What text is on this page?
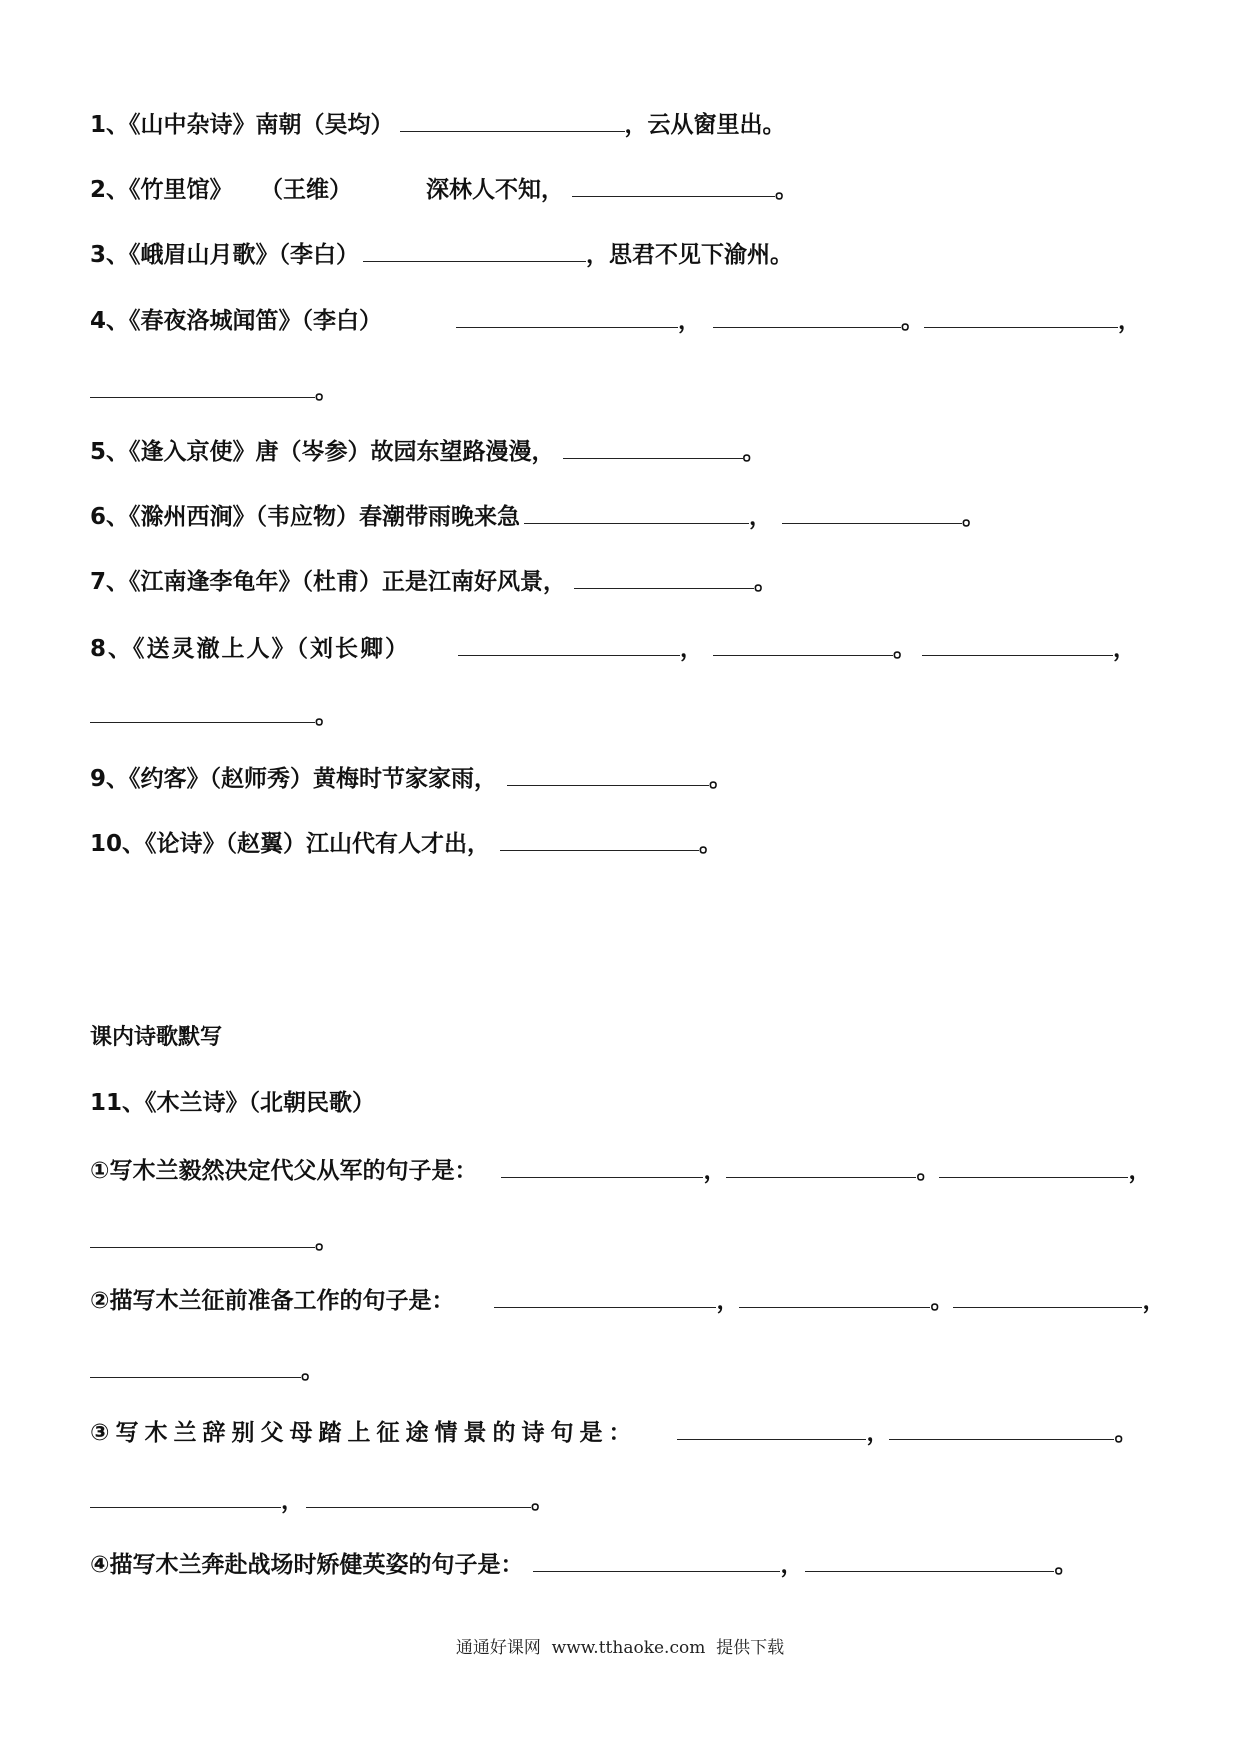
1、《山中杂诗》南朝（吴均）	，云从窗里出。
2、《竹里馆》 （王维）	深林人不知，	。
3、《峨眉山月歌》（李白）	，思君不见下渝州。
4、《春夜洛城闻笛》（李白）	，	。	，
。
5、《逢入京使》唐（岑参）故园东望路漫漫，	。
6、《滁州西涧》（韦应物）春潮带雨晚来急	，	。
7、《江南逢李龟年》（杜甫）正是江南好风景，	。
8、《送灵澈上人》（刘长卿）	，	。	，
。
9、《约客》（赵师秀）黄梅时节家家雨，	。
10、《论诗》（赵翼）江山代有人才出，	。
课内诗歌默写
11、《木兰诗》（北朝民歌）
①写木兰毅然决定代父从军的句子是：	，	。	，
。
②描写木兰征前准备工作的句子是：	，	。	，
。
③写木兰辞别父母踏上征途情景的诗句是：	，	。
，	。
④描写木兰奔赴战场时矫健英姿的句子是：	，	。
通通好课网  www.tthaoke.com  提供下载
